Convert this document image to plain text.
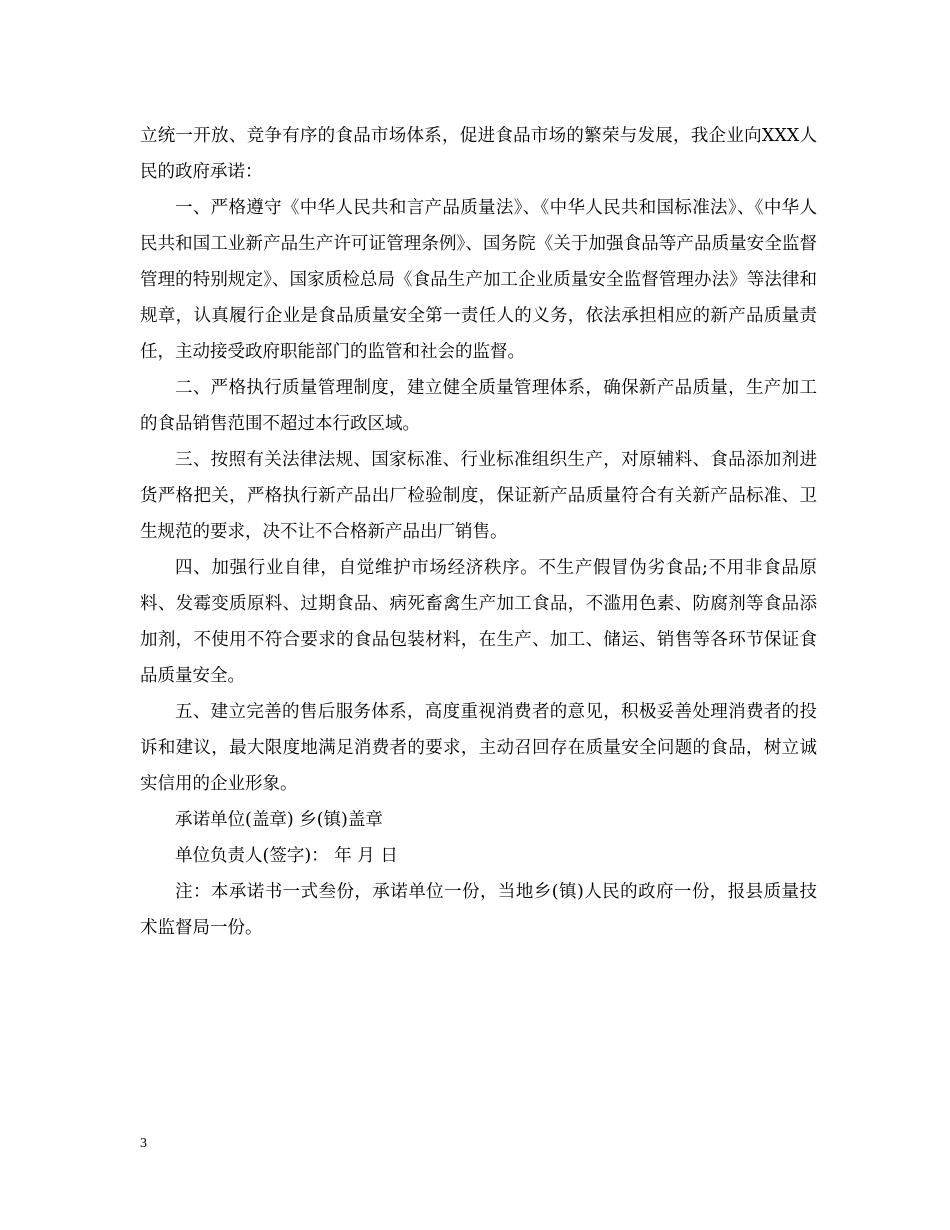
立统一开放、竞争有序的食品市场体系，促进食品市场的繁荣与发展，我企业向XXX人民的政府承诺：

一、严格遵守《中华人民共和言产品质量法》、《中华人民共和国标准法》、《中华人民共和国工业新产品生产许可证管理条例》、国务院《关于加强食品等产品质量安全监督管理的特别规定》、国家质检总局《食品生产加工企业质量安全监督管理办法》等法律和规章，认真履行企业是食品质量安全第一责任人的义务，依法承担相应的新产品质量责任，主动接受政府职能部门的监管和社会的监督。

二、严格执行质量管理制度，建立健全质量管理体系，确保新产品质量，生产加工的食品销售范围不超过本行政区域。

三、按照有关法律法规、国家标准、行业标准组织生产，对原辅料、食品添加剂进货严格把关，严格执行新产品出厂检验制度，保证新产品质量符合有关新产品标准、卫生规范的要求，决不让不合格新产品出厂销售。

四、加强行业自律，自觉维护市场经济秩序。不生产假冒伪劣食品;不用非食品原料、发霉变质原料、过期食品、病死畜禽生产加工食品，不滥用色素、防腐剂等食品添加剂，不使用不符合要求的食品包装材料，在生产、加工、储运、销售等各环节保证食品质量安全。

五、建立完善的售后服务体系，高度重视消费者的意见，积极妥善处理消费者的投诉和建议，最大限度地满足消费者的要求，主动召回存在质量安全问题的食品，树立诚实信用的企业形象。

承诺单位(盖章) 乡(镇)盖章

单位负责人(签字)： 年 月 日

注：本承诺书一式叁份，承诺单位一份，当地乡(镇)人民的政府一份，报县质量技术监督局一份。

3
